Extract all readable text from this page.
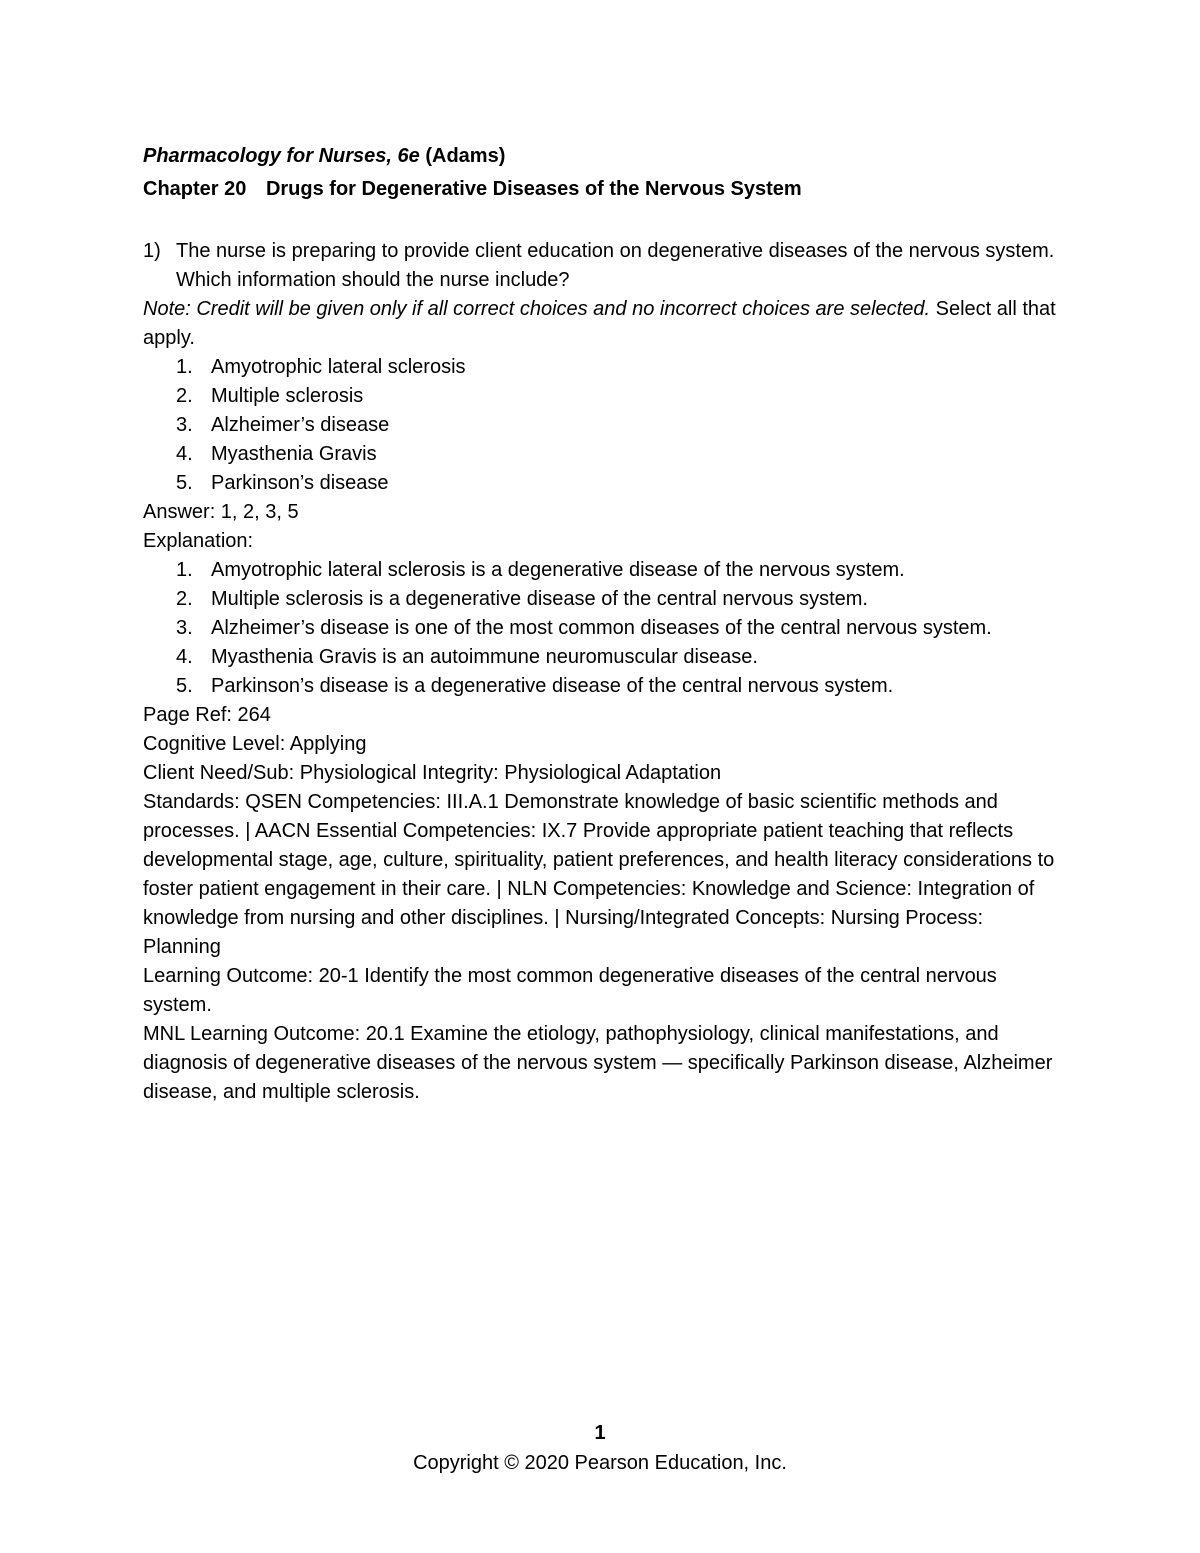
Pharmacology for Nurses, 6e (Adams)
Chapter 20 Drugs for Degenerative Diseases of the Nervous System
1) The nurse is preparing to provide client education on degenerative diseases of the nervous system. Which information should the nurse include?

Note: Credit will be given only if all correct choices and no incorrect choices are selected. Select all that apply.

1. Amyotrophic lateral sclerosis
2. Multiple sclerosis
3. Alzheimer’s disease
4. Myasthenia Gravis
5. Parkinson’s disease

Answer: 1, 2, 3, 5

Explanation:

1. Amyotrophic lateral sclerosis is a degenerative disease of the nervous system.
2. Multiple sclerosis is a degenerative disease of the central nervous system.
3. Alzheimer’s disease is one of the most common diseases of the central nervous system.
4. Myasthenia Gravis is an autoimmune neuromuscular disease.
5. Parkinson’s disease is a degenerative disease of the central nervous system.

Page Ref: 264

Cognitive Level: Applying

Client Need/Sub: Physiological Integrity: Physiological Adaptation

Standards: QSEN Competencies: III.A.1 Demonstrate knowledge of basic scientific methods and processes. | AACN Essential Competencies: IX.7 Provide appropriate patient teaching that reflects developmental stage, age, culture, spirituality, patient preferences, and health literacy considerations to foster patient engagement in their care. | NLN Competencies: Knowledge and Science: Integration of knowledge from nursing and other disciplines. | Nursing/Integrated Concepts: Nursing Process: Planning

Learning Outcome: 20-1 Identify the most common degenerative diseases of the central nervous system.

MNL Learning Outcome: 20.1 Examine the etiology, pathophysiology, clinical manifestations, and diagnosis of degenerative diseases of the nervous system — specifically Parkinson disease, Alzheimer disease, and multiple sclerosis.

1
Copyright © 2020 Pearson Education, Inc.
